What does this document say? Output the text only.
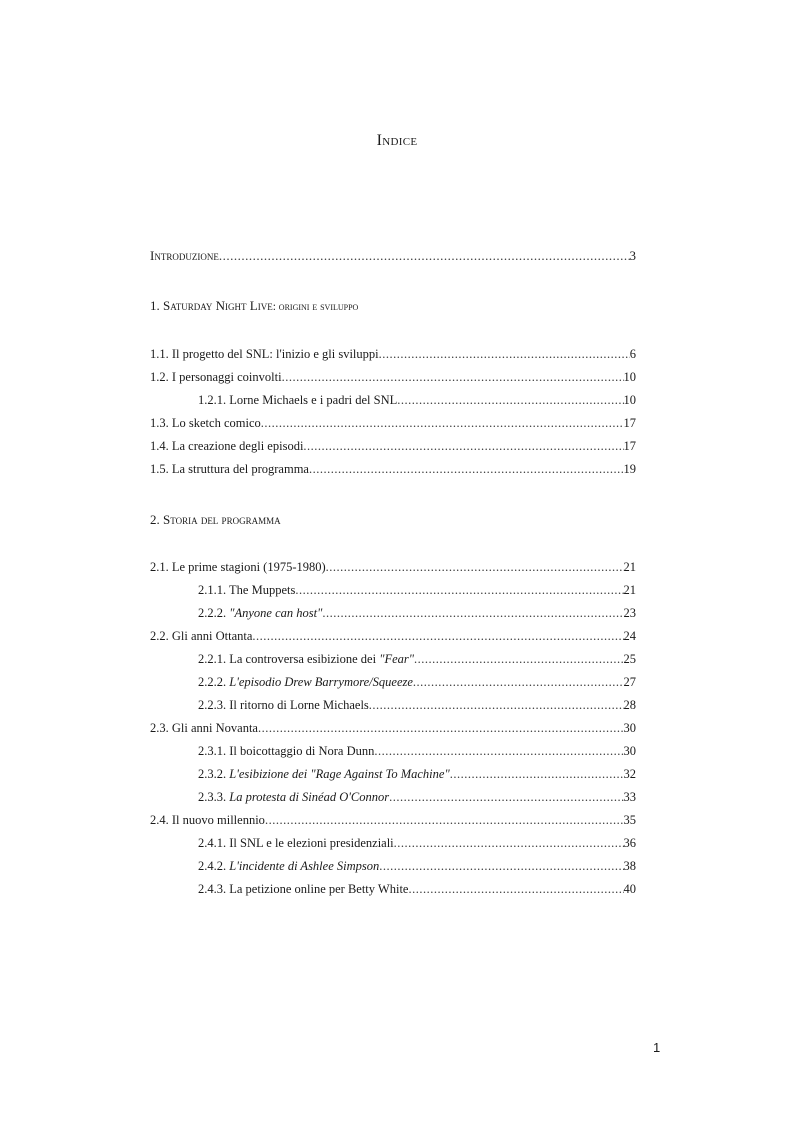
Indice
Introduzione .....	3
1. Saturday Night Live: origini e sviluppo
1.1. Il progetto del SNL: l'inizio e gli sviluppi .....	6
1.2. I personaggi coinvolti .....	10
1.2.1. Lorne Michaels e i padri del SNL .....	10
1.3. Lo sketch comico .....	17
1.4. La creazione degli episodi .....	17
1.5. La struttura del programma .....	19
2. Storia del programma
2.1. Le prime stagioni (1975-1980) .....	21
2.1.1. The Muppets .....	21
2.2.2. "Anyone can host" .....	23
2.2. Gli anni Ottanta .....	24
2.2.1. La controversa esibizione dei "Fear" .....	25
2.2.2. L'episodio Drew Barrymore/Squeeze .....	27
2.2.3. Il ritorno di Lorne Michaels .....	28
2.3. Gli anni Novanta .....	30
2.3.1. Il boicottaggio di Nora Dunn .....	30
2.3.2. L'esibizione dei "Rage Against To Machine" .....	32
2.3.3. La protesta di Sinéad O'Connor .....	33
2.4. Il nuovo millennio .....	35
2.4.1. Il SNL e le elezioni presidenziali .....	36
2.4.2. L'incidente di Ashlee Simpson .....	38
2.4.3. La petizione online per Betty White .....	40
1
